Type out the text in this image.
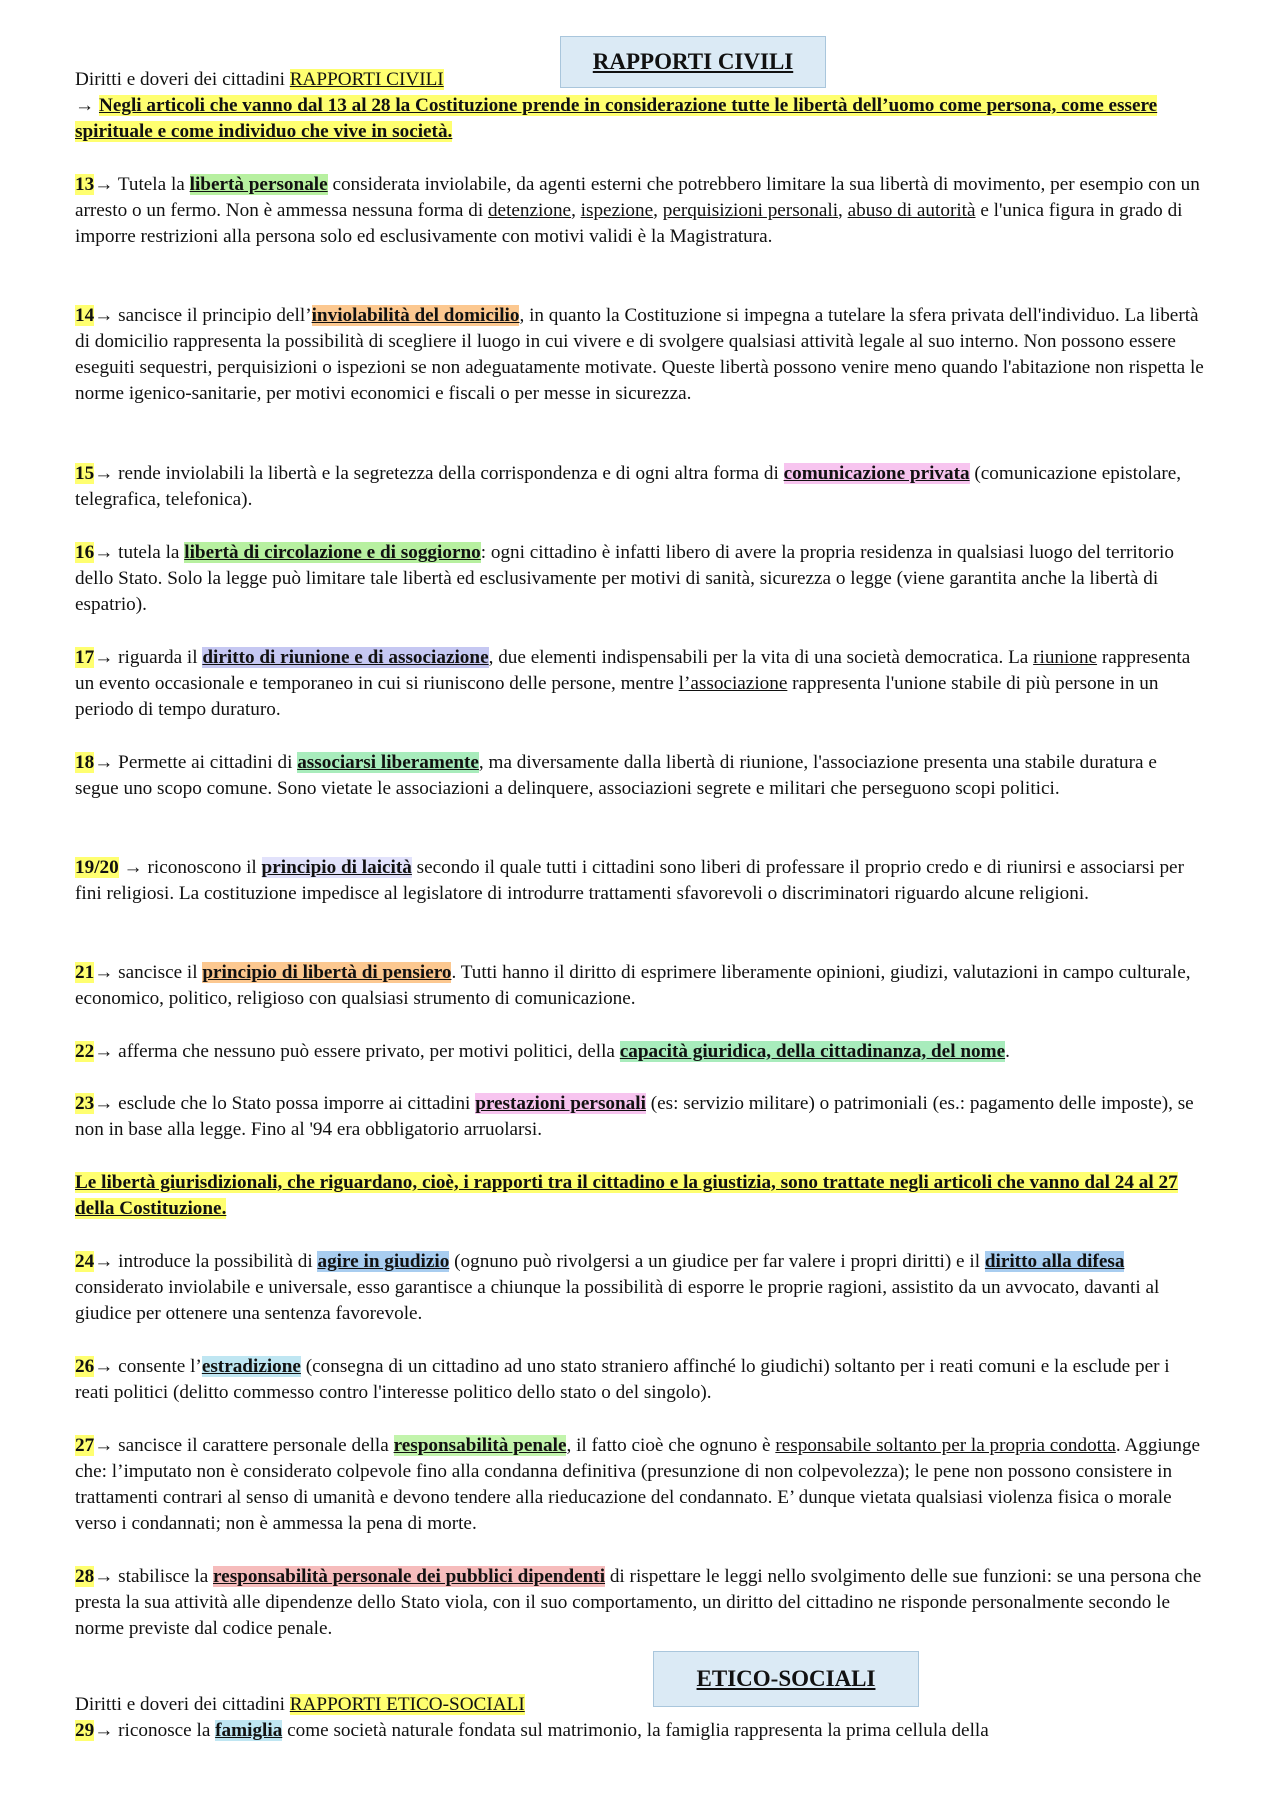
RAPPORTI CIVILI

Diritti e doveri dei cittadini RAPPORTI CIVILI
→ Negli articoli che vanno dal 13 al 28 la Costituzione prende in considerazione tutte le libertà dell’uomo come persona, come essere spirituale e come individuo che vive in società.

13→ Tutela la libertà personale considerata inviolabile, da agenti esterni che potrebbero limitare la sua libertà di movimento, per esempio con un arresto o un fermo. Non è ammessa nessuna forma di detenzione, ispezione, perquisizioni personali, abuso di autorità e l'unica figura in grado di imporre restrizioni alla persona solo ed esclusivamente con motivi validi è la Magistratura.

14→ sancisce il principio dell’inviolabilità del domicilio, in quanto la Costituzione si impegna a tutelare la sfera privata dell'individuo. La libertà di domicilio rappresenta la possibilità di scegliere il luogo in cui vivere e di svolgere qualsiasi attività legale al suo interno. Non possono essere eseguiti sequestri, perquisizioni o ispezioni se non adeguatamente motivate. Queste libertà possono venire meno quando l'abitazione non rispetta le norme igenico-sanitarie, per motivi economici e fiscali o per messe in sicurezza.

15→ rende inviolabili la libertà e la segretezza della corrispondenza e di ogni altra forma di comunicazione privata (comunicazione epistolare, telegrafica, telefonica).

16→ tutela la libertà di circolazione e di soggiorno: ogni cittadino è infatti libero di avere la propria residenza in qualsiasi luogo del territorio dello Stato. Solo la legge può limitare tale libertà ed esclusivamente per motivi di sanità, sicurezza o legge (viene garantita anche la libertà di espatrio).

17→ riguarda il diritto di riunione e di associazione, due elementi indispensabili per la vita di una società democratica. La riunione rappresenta un evento occasionale e temporaneo in cui si riuniscono delle persone, mentre l’associazione rappresenta l'unione stabile di più persone in un periodo di tempo duraturo.

18→ Permette ai cittadini di associarsi liberamente, ma diversamente dalla libertà di riunione, l'associazione presenta una stabile duratura e segue uno scopo comune. Sono vietate le associazioni a delinquere, associazioni segrete e militari che perseguono scopi politici.

19/20 → riconoscono il principio di laicità secondo il quale tutti i cittadini sono liberi di professare il proprio credo e di riunirsi e associarsi per fini religiosi. La costituzione impedisce al legislatore di introdurre trattamenti sfavorevoli o discriminatori riguardo alcune religioni.

21→ sancisce il principio di libertà di pensiero. Tutti hanno il diritto di esprimere liberamente opinioni, giudizi, valutazioni in campo culturale, economico, politico, religioso con qualsiasi strumento di comunicazione.

22→ afferma che nessuno può essere privato, per motivi politici, della capacità giuridica, della cittadinanza, del nome.

23→ esclude che lo Stato possa imporre ai cittadini prestazioni personali (es: servizio militare) o patrimoniali (es.: pagamento delle imposte), se non in base alla legge. Fino al '94 era obbligatorio arruolarsi.

Le libertà giurisdizionali, che riguardano, cioè, i rapporti tra il cittadino e la giustizia, sono trattate negli articoli che vanno dal 24 al 27 della Costituzione.

24→ introduce la possibilità di agire in giudizio (ognuno può rivolgersi a un giudice per far valere i propri diritti) e il diritto alla difesa considerato inviolabile e universale, esso garantisce a chiunque la possibilità di esporre le proprie ragioni, assistito da un avvocato, davanti al giudice per ottenere una sentenza favorevole.

26→ consente l’estradizione (consegna di un cittadino ad uno stato straniero affinché lo giudichi) soltanto per i reati comuni e la esclude per i reati politici (delitto commesso contro l'interesse politico dello stato o del singolo).

27→ sancisce il carattere personale della responsabilità penale, il fatto cioè che ognuno è responsabile soltanto per la propria condotta. Aggiunge che: l’imputato non è considerato colpevole fino alla condanna definitiva (presunzione di non colpevolezza); le pene non possono consistere in trattamenti contrari al senso di umanità e devono tendere alla rieducazione del condannato. E’ dunque vietata qualsiasi violenza fisica o morale verso i condannati; non è ammessa la pena di morte.

28→ stabilisce la responsabilità personale dei pubblici dipendenti di rispettare le leggi nello svolgimento delle sue funzioni: se una persona che presta la sua attività alle dipendenze dello Stato viola, con il suo comportamento, un diritto del cittadino ne risponde personalmente secondo le norme previste dal codice penale.

ETICO-SOCIALI

Diritti e doveri dei cittadini RAPPORTI ETICO-SOCIALI

29→ riconosce la famiglia come società naturale fondata sul matrimonio, la famiglia rappresenta la prima cellula della
